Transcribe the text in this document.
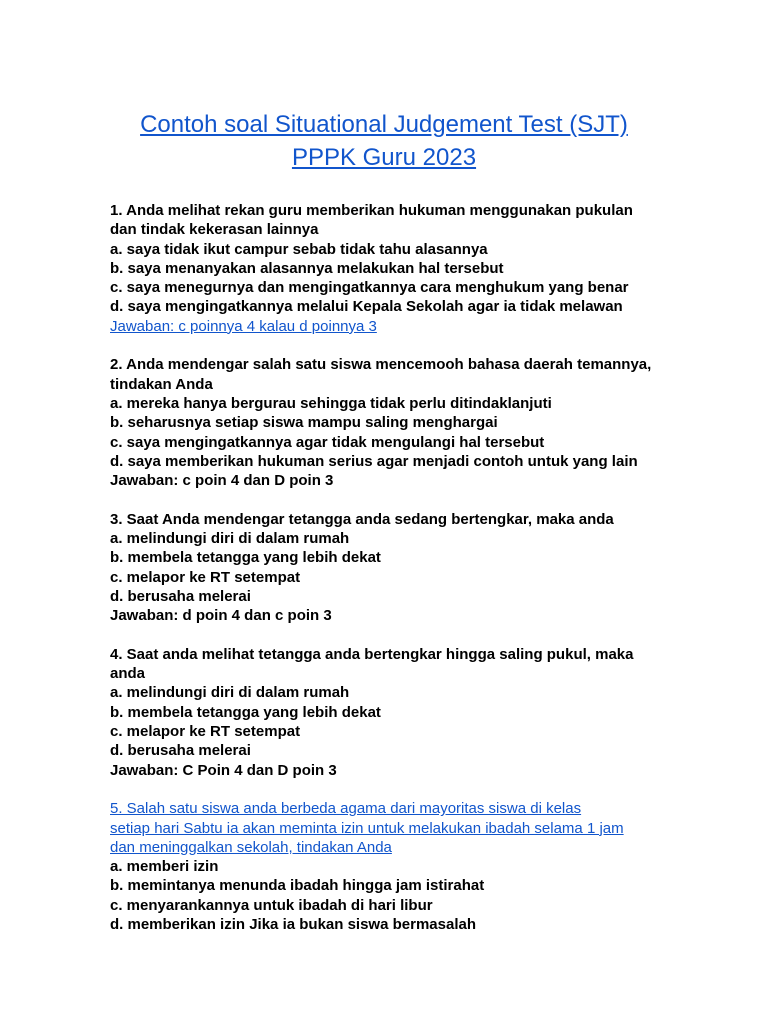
Contoh soal Situational Judgement Test (SJT)
PPPK Guru 2023
1. Anda melihat rekan guru memberikan hukuman menggunakan pukulan
dan tindak kekerasan lainnya
a. saya tidak ikut campur sebab tidak tahu alasannya
b. saya menanyakan alasannya melakukan hal tersebut
c. saya menegurnya dan mengingatkannya cara menghukum yang benar
d. saya mengingatkannya melalui Kepala Sekolah agar ia tidak melawan
Jawaban: c poinnya 4 kalau d poinnya 3
2. Anda mendengar salah satu siswa mencemooh bahasa daerah temannya,
tindakan Anda
a. mereka hanya bergurau sehingga tidak perlu ditindaklanjuti
b. seharusnya setiap siswa mampu saling menghargai
c. saya mengingatkannya agar tidak mengulangi hal tersebut
d. saya memberikan hukuman serius agar menjadi contoh untuk yang lain
Jawaban: c poin 4 dan D poin 3
3. Saat Anda mendengar tetangga anda sedang bertengkar, maka anda
a. melindungi diri di dalam rumah
b. membela tetangga yang lebih dekat
c. melapor ke RT setempat
d. berusaha melerai
Jawaban: d poin 4 dan c poin 3
4. Saat anda melihat tetangga anda bertengkar hingga saling pukul, maka
anda
a. melindungi diri di dalam rumah
b. membela tetangga yang lebih dekat
c. melapor ke RT setempat
d. berusaha melerai
Jawaban: C Poin 4 dan D poin 3
5. Salah satu siswa anda berbeda agama dari mayoritas siswa di kelas
setiap hari Sabtu ia akan meminta izin untuk melakukan ibadah selama 1 jam
dan meninggalkan sekolah, tindakan Anda
a. memberi izin
b. memintanya menunda ibadah hingga jam istirahat
c. menyarankannya untuk ibadah di hari libur
d. memberikan izin Jika ia bukan siswa bermasalah
